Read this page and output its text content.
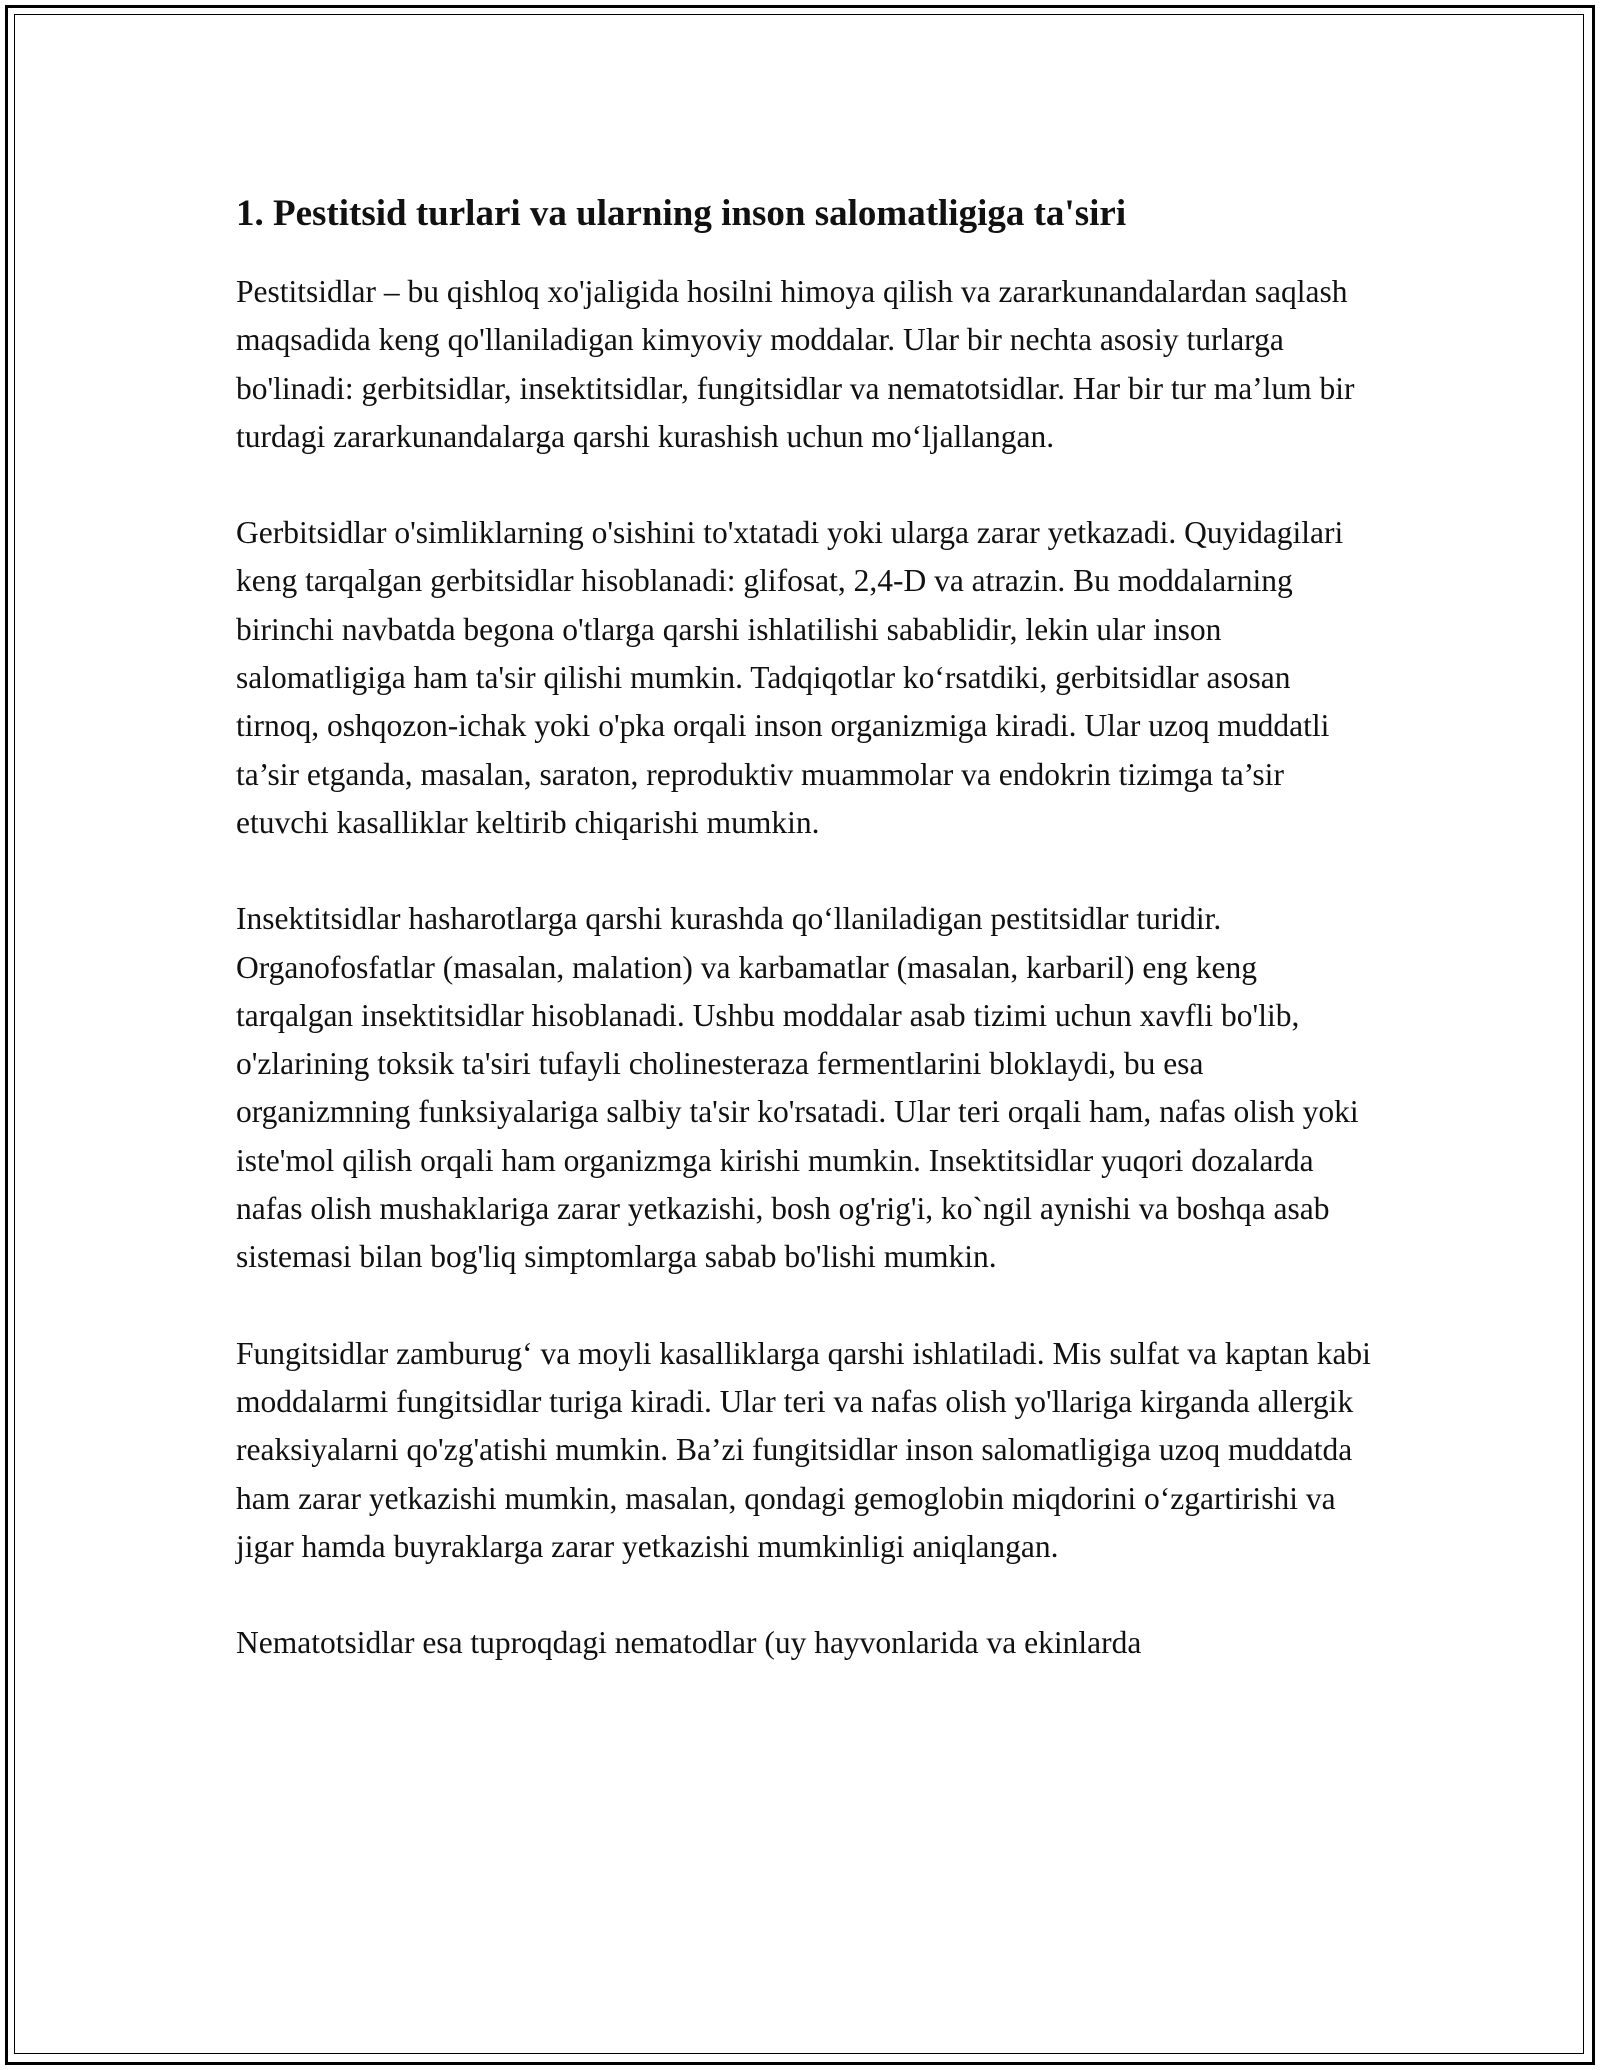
1. Pestitsid turlari va ularning inson salomatligiga ta'siri

Pestitsidlar – bu qishloq xo'jaligida hosilni himoya qilish va zararkunandalardan saqlash maqsadida keng qo'llaniladigan kimyoviy moddalar. Ular bir nechta asosiy turlarga bo'linadi: gerbitsidlar, insektitsidlar, fungitsidlar va nematotsidlar. Har bir tur ma’lum bir turdagi zararkunandalarga qarshi kurashish uchun mo‘ljallangan.

Gerbitsidlar o'simliklarning o'sishini to'xtatadi yoki ularga zarar yetkazadi. Quyidagilari keng tarqalgan gerbitsidlar hisoblanadi: glifosat, 2,4-D va atrazin. Bu moddalarning birinchi navbatda begona o'tlarga qarshi ishlatilishi sabablidir, lekin ular inson salomatligiga ham ta'sir qilishi mumkin. Tadqiqotlar ko‘rsatdiki, gerbitsidlar asosan tirnoq, oshqozon-ichak yoki o'pka orqali inson organizmiga kiradi. Ular uzoq muddatli ta’sir etganda, masalan, saraton, reproduktiv muammolar va endokrin tizimga ta’sir etuvchi kasalliklar keltirib chiqarishi mumkin.

Insektitsidlar hasharotlarga qarshi kurashda qo‘llaniladigan pestitsidlar turidir. Organofosfatlar (masalan, malation) va karbamatlar (masalan, karbaril) eng keng tarqalgan insektitsidlar hisoblanadi. Ushbu moddalar asab tizimi uchun xavfli bo'lib, o'zlarining toksik ta'siri tufayli cholinesteraza fermentlarini bloklaydi, bu esa organizmning funksiyalariga salbiy ta'sir ko'rsatadi. Ular teri orqali ham, nafas olish yoki iste'mol qilish orqali ham organizmga kirishi mumkin. Insektitsidlar yuqori dozalarda nafas olish mushaklariga zarar yetkazishi, bosh og'rig'i, ko`ngil aynishi va boshqa asab sistemasi bilan bog'liq simptomlarga sabab bo'lishi mumkin.

Fungitsidlar zamburug‘ va moyli kasalliklarga qarshi ishlatiladi. Mis sulfat va kaptan kabi moddalarmi fungitsidlar turiga kiradi. Ular teri va nafas olish yo'llariga kirganda allergik reaksiyalarni qo'zg'atishi mumkin. Ba’zi fungitsidlar inson salomatligiga uzoq muddatda ham zarar yetkazishi mumkin, masalan, qondagi gemoglobin miqdorini o‘zgartirishi va jigar hamda buyraklarga zarar yetkazishi mumkinligi aniqlangan.

Nematotsidlar esa tuproqdagi nematodlar (uy hayvonlarida va ekinlarda
